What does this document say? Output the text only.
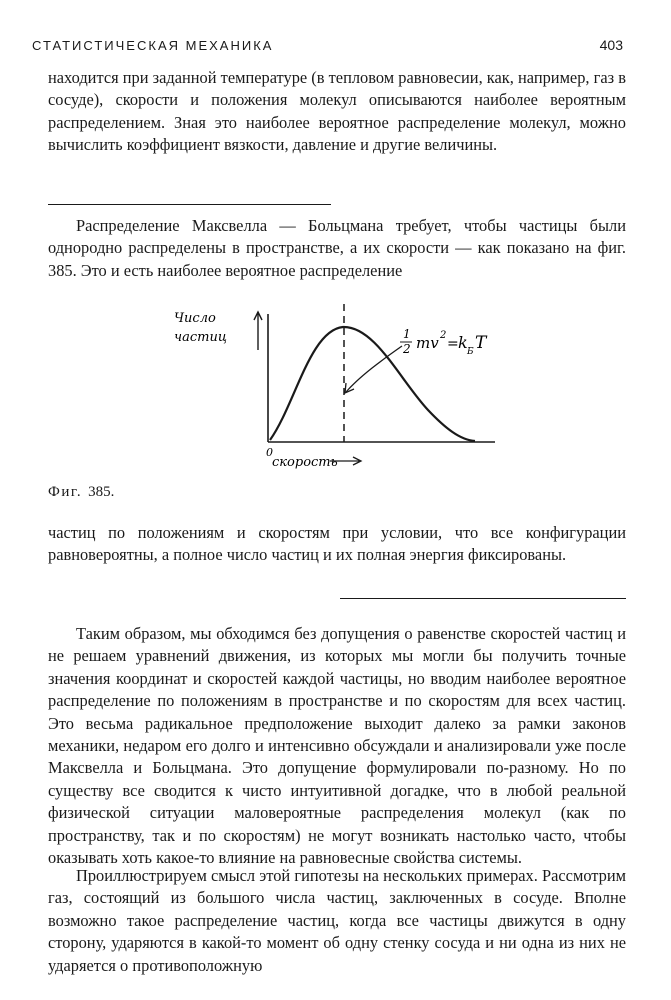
СТАТИСТИЧЕСКАЯ МЕХАНИКА	403

находится при заданной температуре (в тепловом равновесии, как, например, газ в сосуде), скорости и положения молекул описываются наиболее вероятным распределением. Зная это наиболее вероятное распределение молекул, можно вычислить коэффициент вязкости, давление и другие величины.

Распределение Максвелла — Больцмана требует, чтобы частицы были однородно распределены в пространстве, а их скорости — как показано на фиг. 385. Это и есть наиболее вероятное распределение

1
2 mv 2
= k Б T
Число
частиц
0
скорость
Фиг. 385.

частиц по положениям и скоростям при условии, что все конфигурации равновероятны, а полное число частиц и их полная энергия фиксированы.

Таким образом, мы обходимся без допущения о равенстве скоростей частиц и не решаем уравнений движения, из которых мы могли бы получить точные значения координат и скоростей каждой частицы, но вводим наиболее вероятное распределение по положениям в пространстве и по скоростям для всех частиц. Это весьма радикальное предположение выходит далеко за рамки законов механики, недаром его долго и интенсивно обсуждали и анализировали уже после Максвелла и Больцмана. Это допущение формулировали по-разному. Но по существу все сводится к чисто интуитивной догадке, что в любой реальной физической ситуации маловероятные распределения молекул (как по пространству, так и по скоростям) не могут возникать настолько часто, чтобы оказывать хоть какое-то влияние на равновесные свойства системы.

Проиллюстрируем смысл этой гипотезы на нескольких примерах. Рассмотрим газ, состоящий из большого числа частиц, заключенных в сосуде. Вполне возможно такое распределение частиц, когда все частицы движутся в одну сторону, ударяются в какой-то момент об одну стенку сосуда и ни одна из них не ударяется о противоположную
